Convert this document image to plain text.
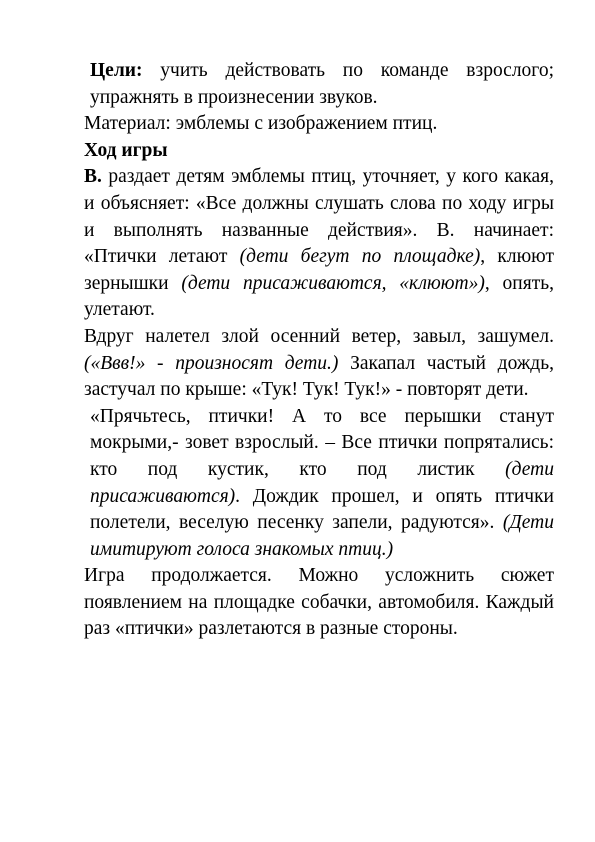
Цели: учить действовать по команде взрослого; упражнять в произнесении звуков.

Материал: эмблемы с изображением птиц.

Ход игры

В. раздает детям эмблемы птиц, уточняет, у кого какая, и объясняет: «Все должны слушать слова по ходу игры и выполнять названные действия». В. начинает: «Птички летают (дети бегут по площадке), клюют зернышки (дети присаживаются, «клюют»), опять, улетают.

Вдруг налетел злой осенний ветер, завыл, зашумел. («Ввв!» - произносят дети.) Закапал частый дождь, застучал по крыше: «Тук! Тук! Тук!» - повторят дети.

«Прячьтесь, птички! А то все перышки станут мокрыми,- зовет взрослый. – Все птички попрятались: кто под кустик, кто под листик (дети присаживаются). Дождик прошел, и опять птички полетели, веселую песенку запели, радуются». (Дети имитируют голоса знакомых птиц.)

Игра продолжается. Можно усложнить сюжет появлением на площадке собачки, автомобиля. Каждый раз «птички» разлетаются в разные стороны.
